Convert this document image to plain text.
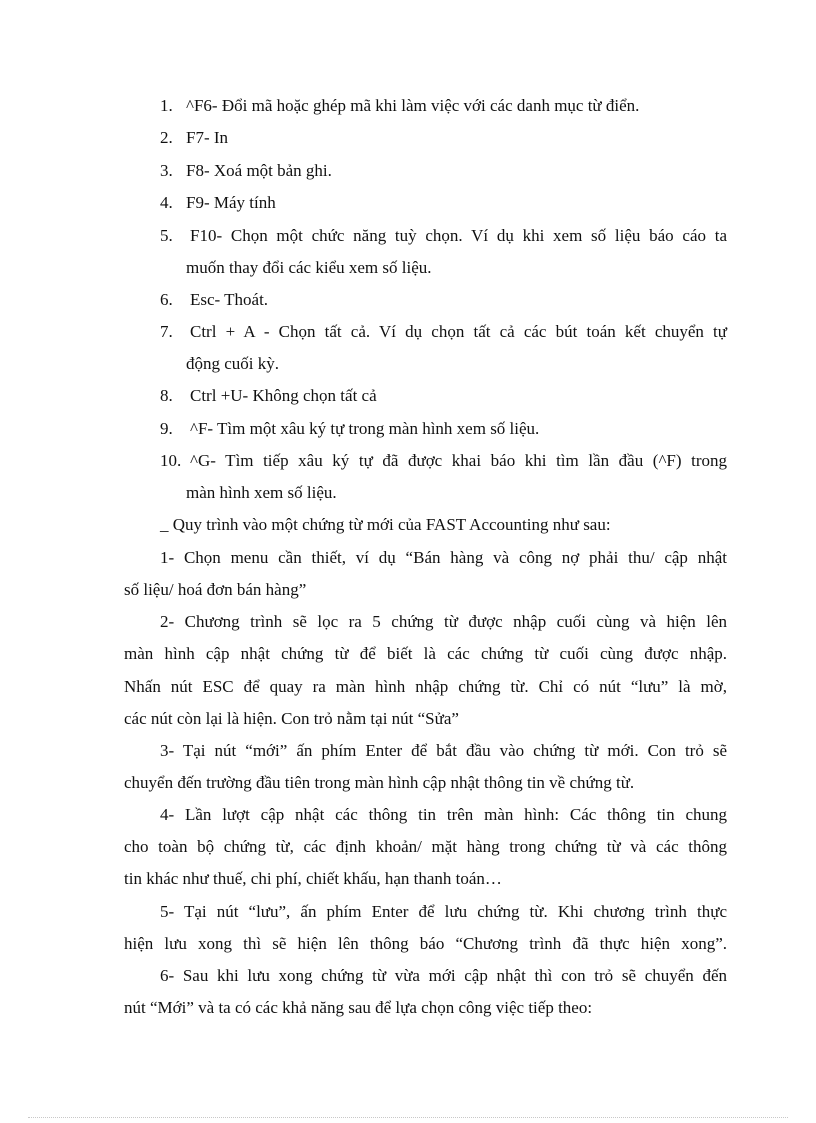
1. ^F6- Đổi mã hoặc ghép mã khi làm việc với các danh mục từ điển.
2. F7- In
3. F8- Xoá một bản ghi.
4. F9- Máy tính
5. F10- Chọn một chức năng tuỳ chọn. Ví dụ khi xem số liệu báo cáo ta
muốn thay đổi các kiểu xem số liệu.
6. Esc- Thoát.
7. Ctrl + A - Chọn tất cả. Ví dụ chọn tất cả các bút toán kết chuyển tự
động cuối kỳ.
8. Ctrl +U- Không chọn tất cả
9. ^F- Tìm một xâu ký tự trong màn hình xem số liệu.
10. ^G- Tìm tiếp xâu ký tự đã được khai báo khi tìm lần đầu (^F) trong
màn hình xem số liệu.
_ Quy trình vào một chứng từ mới của FAST Accounting như sau:
1- Chọn menu cần thiết, ví dụ “Bán hàng và công nợ phải thu/ cập nhật
số liệu/ hoá đơn bán hàng”
2- Chương trình sẽ lọc ra 5 chứng từ được nhập cuối cùng và hiện lên
màn hình cập nhật chứng từ để biết là các chứng từ cuối cùng được nhập.
Nhấn nút ESC để quay ra màn hình nhập chứng từ. Chỉ có nút “lưu” là mờ,
các nút còn lại là hiện. Con trỏ nằm tại nút “Sửa”
3- Tại nút “mới” ấn phím Enter để bắt đầu vào chứng từ mới. Con trỏ sẽ
chuyển đến trường đầu tiên trong màn hình cập nhật thông tin về chứng từ.
4- Lần lượt cập nhật các thông tin trên màn hình: Các thông tin chung
cho toàn bộ chứng từ, các định khoản/ mặt hàng trong chứng từ và các thông
tin khác như thuế, chi phí, chiết khấu, hạn thanh toán…
5- Tại nút “lưu”, ấn phím Enter để lưu chứng từ. Khi chương trình thực
hiện lưu xong thì sẽ hiện lên thông báo “Chương trình đã thực hiện xong”.
6- Sau khi lưu xong chứng từ vừa mới cập nhật thì con trỏ sẽ chuyển đến
nút “Mới” và ta có các khả năng sau để lựa chọn công việc tiếp theo:
